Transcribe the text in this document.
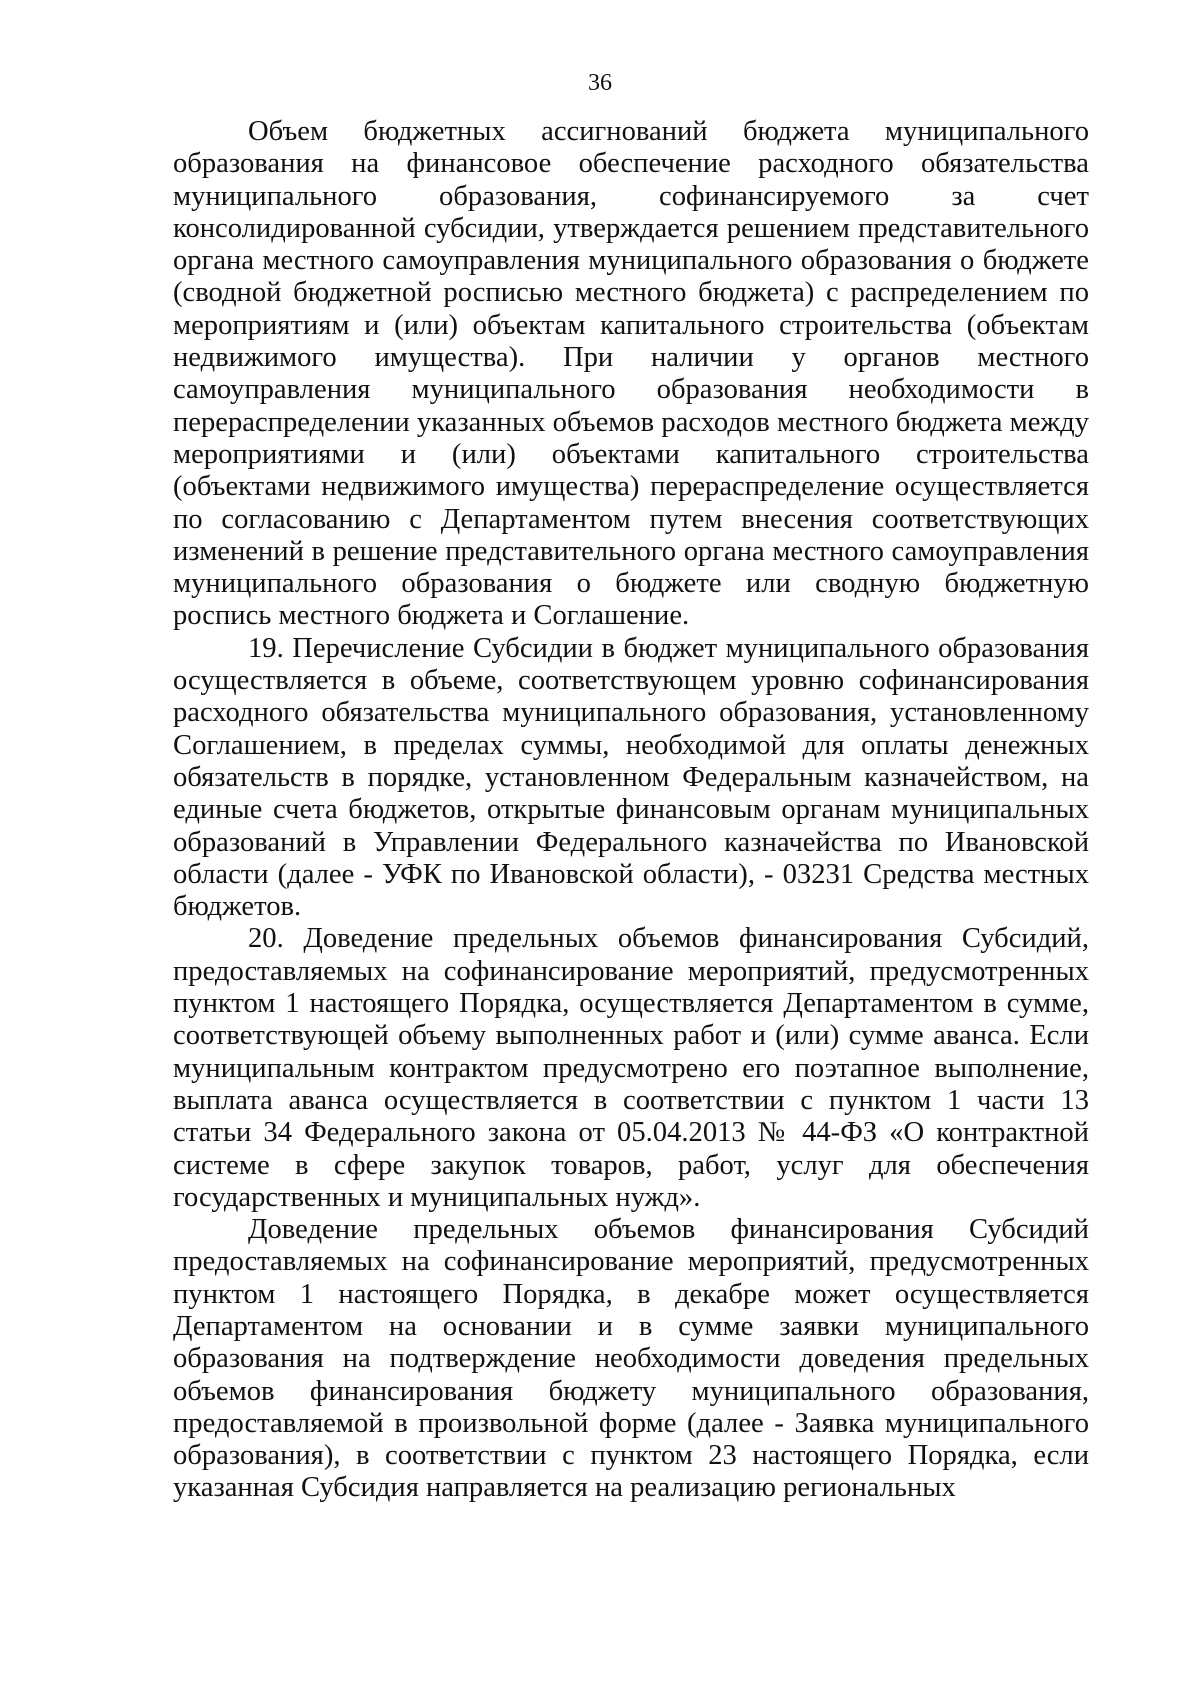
36

Объем бюджетных ассигнований бюджета муниципального образования на финансовое обеспечение расходного обязательства муниципального образования, софинансируемого за счет консолидированной субсидии, утверждается решением представительного органа местного самоуправления муниципального образования о бюджете (сводной бюджетной росписью местного бюджета) с распределением по мероприятиям и (или) объектам капитального строительства (объектам недвижимого имущества). При наличии у органов местного самоуправления муниципального образования необходимости в перераспределении указанных объемов расходов местного бюджета между мероприятиями и (или) объектами капитального строительства (объектами недвижимого имущества) перераспределение осуществляется по согласованию с Департаментом путем внесения соответствующих изменений в решение представительного органа местного самоуправления муниципального образования о бюджете или сводную бюджетную роспись местного бюджета и Соглашение.

19. Перечисление Субсидии в бюджет муниципального образования осуществляется в объеме, соответствующем уровню софинансирования расходного обязательства муниципального образования, установленному Соглашением, в пределах суммы, необходимой для оплаты денежных обязательств в порядке, установленном Федеральным казначейством, на единые счета бюджетов, открытые финансовым органам муниципальных образований в Управлении Федерального казначейства по Ивановской области (далее - УФК по Ивановской области), - 03231 Средства местных бюджетов.

20. Доведение предельных объемов финансирования Субсидий, предоставляемых на софинансирование мероприятий, предусмотренных пунктом 1 настоящего Порядка, осуществляется Департаментом в сумме, соответствующей объему выполненных работ и (или) сумме аванса. Если муниципальным контрактом предусмотрено его поэтапное выполнение, выплата аванса осуществляется в соответствии с пунктом 1 части 13 статьи 34 Федерального закона от 05.04.2013 № 44-ФЗ «О контрактной системе в сфере закупок товаров, работ, услуг для обеспечения государственных и муниципальных нужд».

Доведение предельных объемов финансирования Субсидий предоставляемых на софинансирование мероприятий, предусмотренных пунктом 1 настоящего Порядка, в декабре может осуществляется Департаментом на основании и в сумме заявки муниципального образования на подтверждение необходимости доведения предельных объемов финансирования бюджету муниципального образования, предоставляемой в произвольной форме (далее - Заявка муниципального образования), в соответствии с пунктом 23 настоящего Порядка, если указанная Субсидия направляется на реализацию региональных
